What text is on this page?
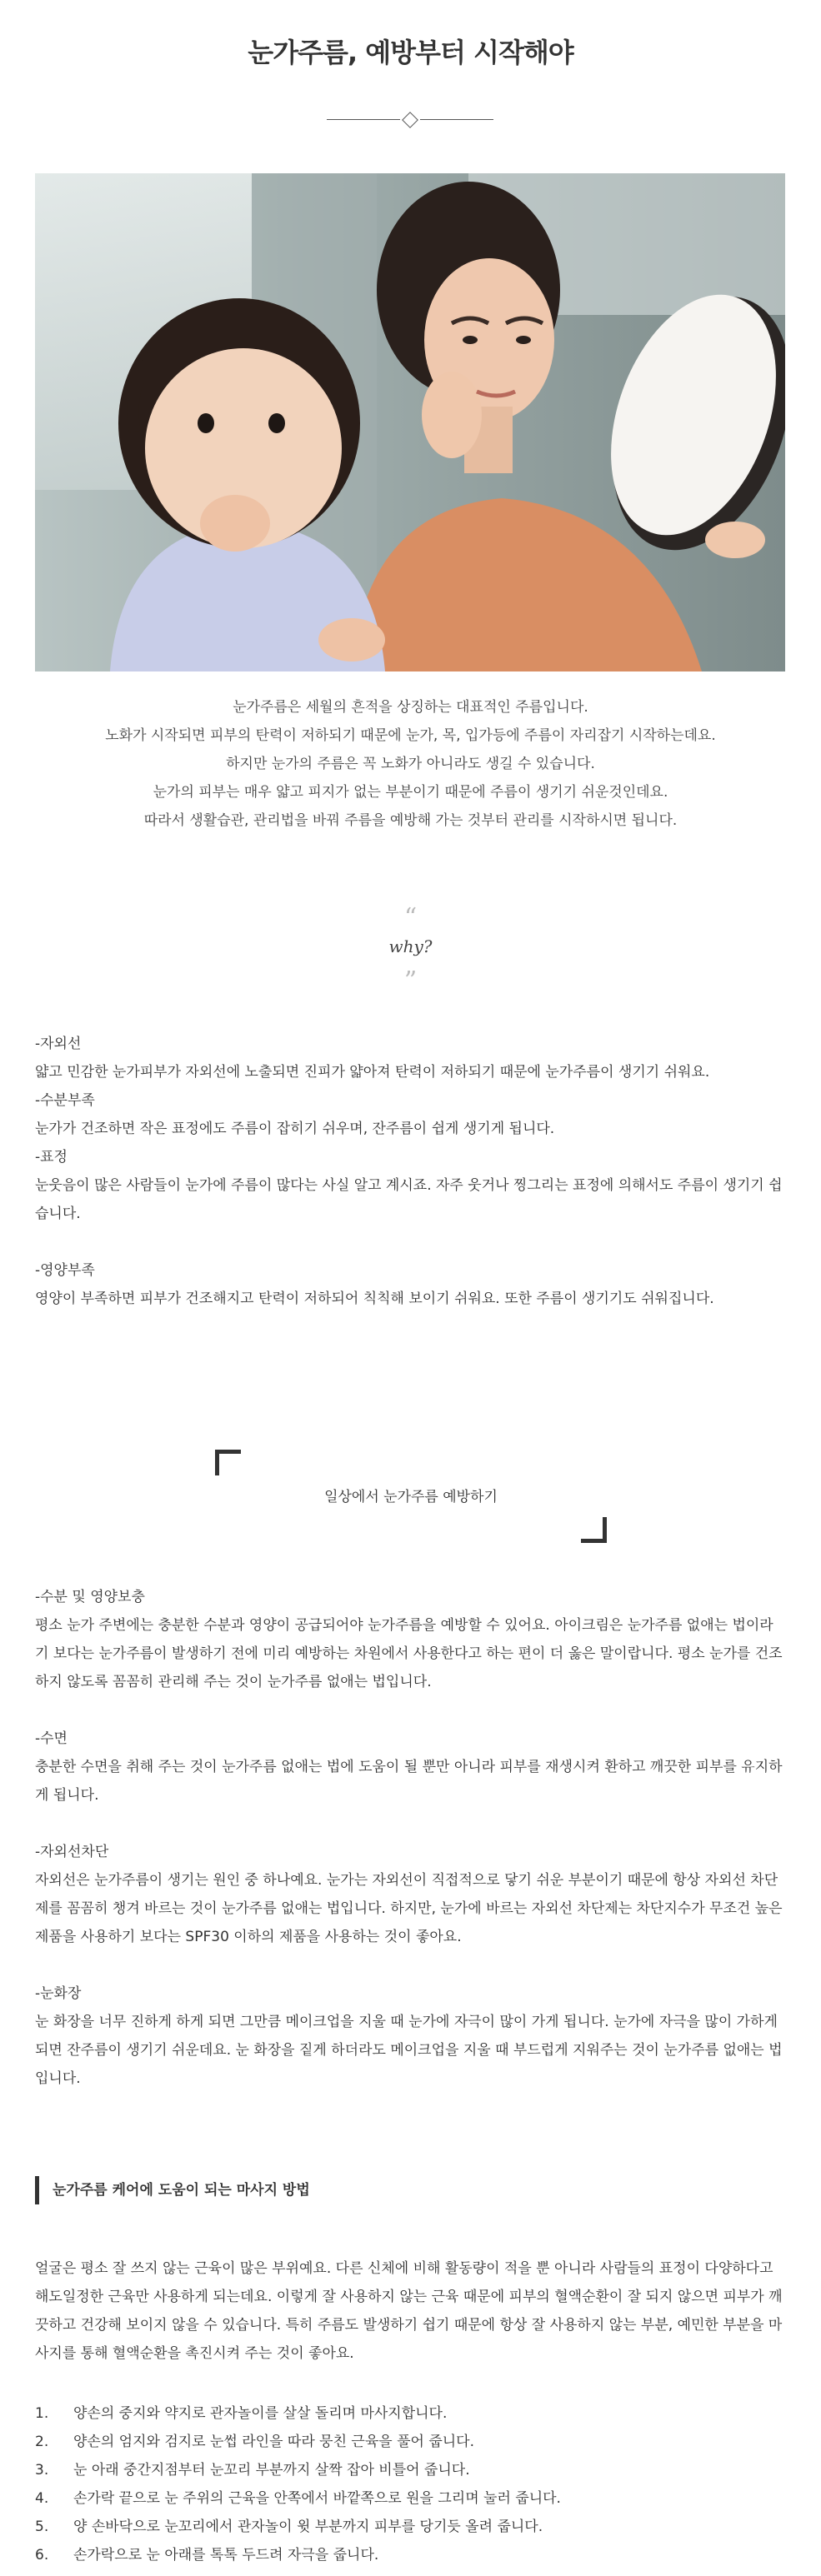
눈가주름, 예방부터 시작해야

눈가주름은 세월의 흔적을 상징하는 대표적인 주름입니다.

노화가 시작되면 피부의 탄력이 저하되기 때문에 눈가, 목, 입가등에 주름이 자리잡기 시작하는데요.

하지만 눈가의 주름은 꼭 노화가 아니라도 생길 수 있습니다.

눈가의 피부는 매우 얇고 피지가 없는 부분이기 때문에 주름이 생기기 쉬운것인데요.

따라서 생활습관, 관리법을 바꿔 주름을 예방해 가는 것부터 관리를 시작하시면 됩니다.

“
why?
”

-자외선

얇고 민감한 눈가피부가 자외선에 노출되면 진피가 얇아져 탄력이 저하되기 때문에 눈가주름이 생기기 쉬워요.

-수분부족

눈가가 건조하면 작은 표정에도 주름이 잡히기 쉬우며, 잔주름이 쉽게 생기게 됩니다.

-표정

눈웃음이 많은 사람들이 눈가에 주름이 많다는 사실 알고 계시죠. 자주 웃거나 찡그리는 표정에 의해서도 주름이 생기기 쉽습니다.

-영양부족

영양이 부족하면 피부가 건조해지고 탄력이 저하되어 칙칙해 보이기 쉬워요. 또한 주름이 생기기도 쉬워집니다.

일상에서 눈가주름 예방하기

-수분 및 영양보충

평소 눈가 주변에는 충분한 수분과 영양이 공급되어야 눈가주름을 예방할 수 있어요. 아이크림은 눈가주름 없애는 법이라기 보다는 눈가주름이 발생하기 전에 미리 예방하는 차원에서 사용한다고 하는 편이 더 옳은 말이랍니다. 평소 눈가를 건조하지 않도록 꼼꼼히 관리해 주는 것이 눈가주름 없애는 법입니다.

-수면

충분한 수면을 취해 주는 것이 눈가주름 없애는 법에 도움이 될 뿐만 아니라 피부를 재생시켜 환하고 깨끗한 피부를 유지하게 됩니다.

-자외선차단

자외선은 눈가주름이 생기는 원인 중 하나예요. 눈가는 자외선이 직접적으로 닿기 쉬운 부분이기 때문에 항상 자외선 차단제를 꼼꼼히 챙겨 바르는 것이 눈가주름 없애는 법입니다. 하지만, 눈가에 바르는 자외선 차단제는 차단지수가 무조건 높은 제품을 사용하기 보다는 SPF30 이하의 제품을 사용하는 것이 좋아요.

-눈화장

눈 화장을 너무 진하게 하게 되면 그만큼 메이크업을 지울 때 눈가에 자극이 많이 가게 됩니다. 눈가에 자극을 많이 가하게 되면 잔주름이 생기기 쉬운데요. 눈 화장을 짙게 하더라도 메이크업을 지울 때 부드럽게 지워주는 것이 눈가주름 없애는 법입니다.

눈가주름 케어에 도움이 되는 마사지 방법

얼굴은 평소 잘 쓰지 않는 근육이 많은 부위예요. 다른 신체에 비해 활동량이 적을 뿐 아니라 사람들의 표정이 다양하다고 해도일정한 근육만 사용하게 되는데요. 이렇게 잘 사용하지 않는 근육 때문에 피부의 혈액순환이 잘 되지 않으면 피부가 깨끗하고 건강해 보이지 않을 수 있습니다. 특히 주름도 발생하기 쉽기 때문에 항상 잘 사용하지 않는 부분, 예민한 부분을 마사지를 통해 혈액순환을 촉진시켜 주는 것이 좋아요.

1. 양손의 중지와 약지로 관자놀이를 살살 돌리며 마사지합니다.
2. 양손의 엄지와 검지로 눈썹 라인을 따라 뭉친 근육을 풀어 줍니다.
3. 눈 아래 중간지점부터 눈꼬리 부분까지 살짝 잡아 비틀어 줍니다.
4. 손가락 끝으로 눈 주위의 근육을 안쪽에서 바깥쪽으로 원을 그리며 눌러 줍니다.
5. 양 손바닥으로 눈꼬리에서 관자놀이 윗 부분까지 피부를 당기듯 올려 줍니다.
6. 손가락으로 눈 아래를 톡톡 두드려 자극을 줍니다.
